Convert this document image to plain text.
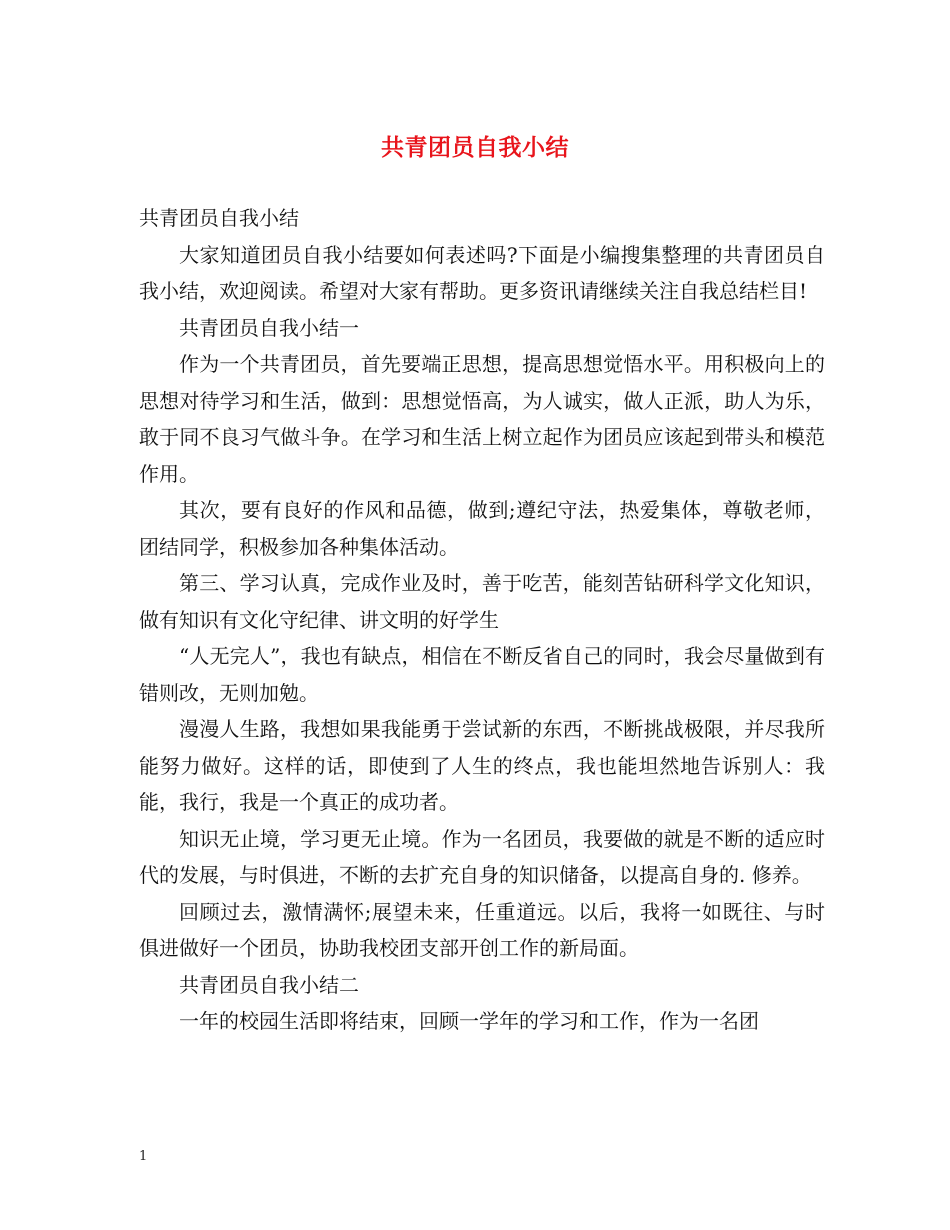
共青团员自我小结

共青团员自我小结

大家知道团员自我小结要如何表述吗?下面是小编搜集整理的共青团员自我小结，欢迎阅读。希望对大家有帮助。更多资讯请继续关注自我总结栏目!

共青团员自我小结一

作为一个共青团员，首先要端正思想，提高思想觉悟水平。用积极向上的思想对待学习和生活，做到：思想觉悟高，为人诚实，做人正派，助人为乐，敢于同不良习气做斗争。在学习和生活上树立起作为团员应该起到带头和模范作用。

其次，要有良好的作风和品德，做到;遵纪守法，热爱集体，尊敬老师，团结同学，积极参加各种集体活动。

第三、学习认真，完成作业及时，善于吃苦，能刻苦钻研科学文化知识，做有知识有文化守纪律、讲文明的好学生

“人无完人”，我也有缺点，相信在不断反省自己的同时，我会尽量做到有错则改，无则加勉。

漫漫人生路，我想如果我能勇于尝试新的东西，不断挑战极限，并尽我所能努力做好。这样的话，即使到了人生的终点，我也能坦然地告诉别人：我能，我行，我是一个真正的成功者。

知识无止境，学习更无止境。作为一名团员，我要做的就是不断的适应时代的发展，与时俱进，不断的去扩充自身的知识储备，以提高自身的. 修养。

回顾过去，激情满怀;展望未来，任重道远。以后，我将一如既往、与时俱进做好一个团员，协助我校团支部开创工作的新局面。

共青团员自我小结二

一年的校园生活即将结束，回顾一学年的学习和工作，作为一名团

1
